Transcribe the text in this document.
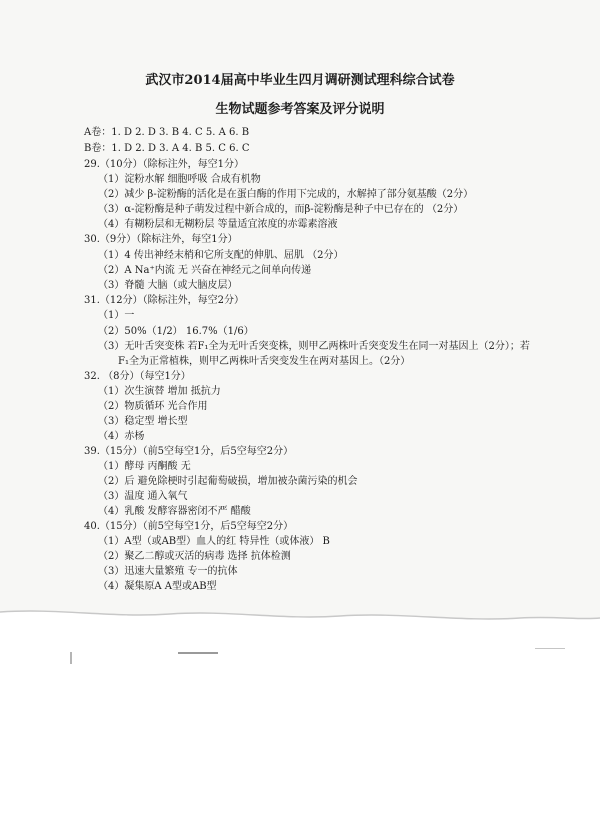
武汉市2014届高中毕业生四月调研测试理科综合试卷
生物试题参考答案及评分说明
A卷：1. D 2. D 3. B 4. C 5. A 6. B
B卷：1. D 2. D 3. A 4. B 5. C 6. C
29.（10分）（除标注外，每空1分）
（1）淀粉水解 细胞呼吸 合成有机物
（2）减少 β-淀粉酶的活化是在蛋白酶的作用下完成的，水解掉了部分氨基酸（2分）
（3）α-淀粉酶是种子萌发过程中新合成的，而β-淀粉酶是种子中已存在的 （2分）
（4）有糊粉层和无糊粉层 等量适宜浓度的赤霉素溶液
30.（9分）（除标注外，每空1分）
（1）4 传出神经末梢和它所支配的伸肌、屈肌 （2分）
（2）A Na⁺内流 无 兴奋在神经元之间单向传递
（3）脊髓 大脑（或大脑皮层）
31.（12分）（除标注外，每空2分）
（1）一
（2）50%（1/2） 16.7%（1/6）
（3）无叶舌突变株 若F₁全为无叶舌突变株，则甲乙两株叶舌突变发生在同一对基因上（2分）；若
F₁全为正常植株，则甲乙两株叶舌突变发生在两对基因上。（2分）
32. （8分）（每空1分）
（1）次生演替 增加 抵抗力
（2）物质循环 光合作用
（3）稳定型 增长型
（4）赤杨
39.（15分）（前5空每空1分，后5空每空2分）
（1）酵母 丙酮酸 无
（2）后 避免除梗时引起葡萄破损，增加被杂菌污染的机会
（3）温度 通入氧气
（4）乳酸 发酵容器密闭不严 醋酸
40.（15分）（前5空每空1分，后5空每空2分）
（1）A型（或AB型）血人的红 特异性（或体液） B
（2）聚乙二醇或灭活的病毒 选择 抗体检测
（3）迅速大量繁殖 专一的抗体
（4）凝集原A A型或AB型
